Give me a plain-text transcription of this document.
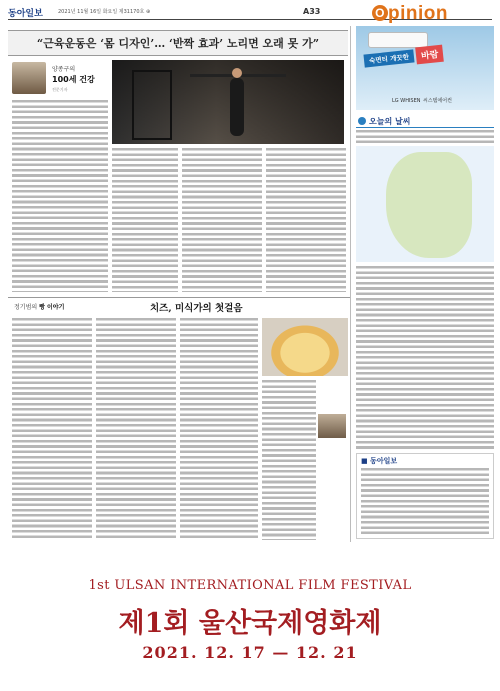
동아일보	2021년 11월 16일 화요일 제31170호 ⊕	A33	O pinion
“근육운동은 ‘몸 디자인’… ‘반짝 효과’ 노리면 오래 못 가”
양종구의
100세 건강
전문기자
정기범의 빵 이야기	치즈, 미식가의 첫걸음
숙면티 개끗한	바람
LG WHISEN 씨스템에어컨
오늘의 날씨
■ 동아일보
1st ULSAN INTERNATIONAL FILM FESTIVAL
제1회 울산국제영화제
2021. 12. 17 — 12. 21
